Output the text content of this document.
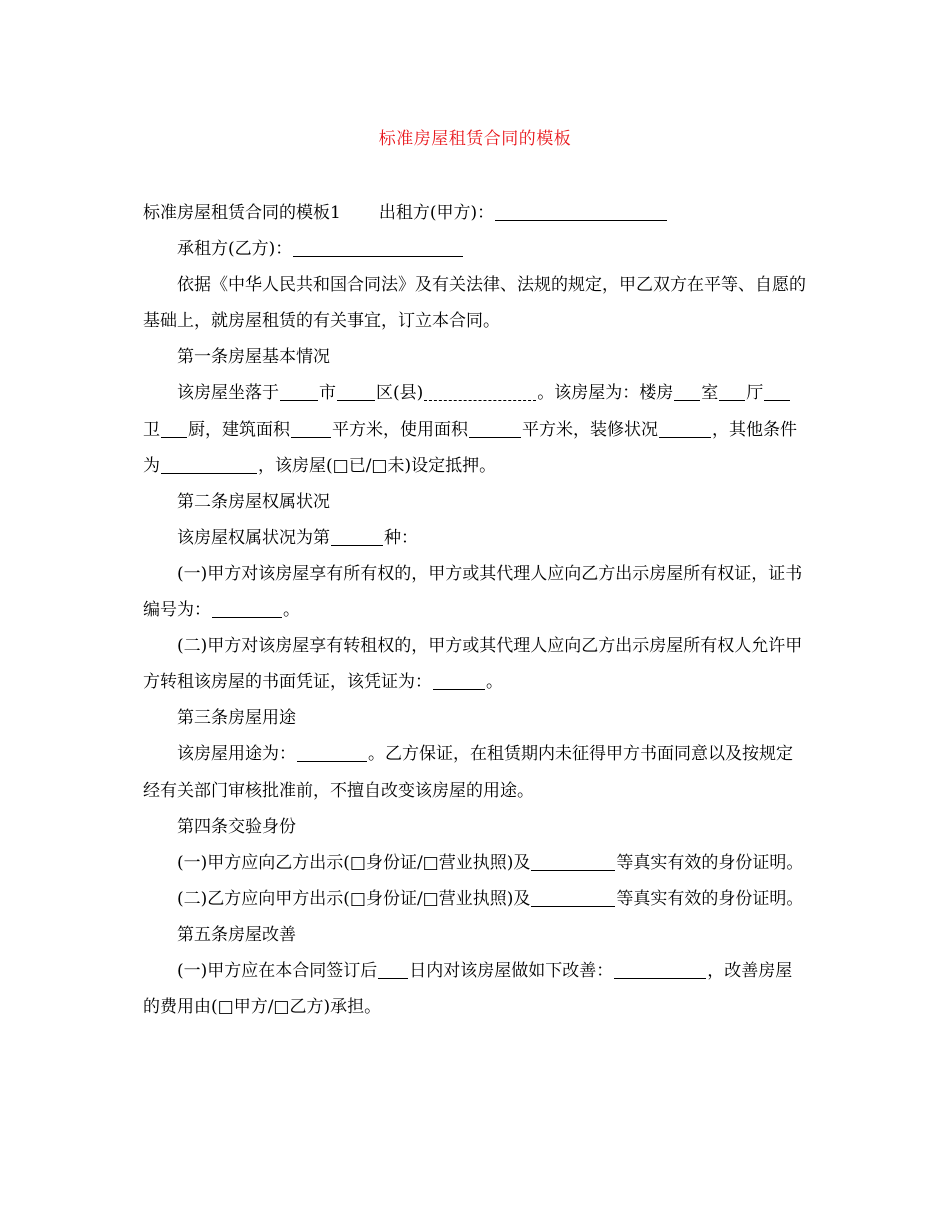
标准房屋租赁合同的模板

标准房屋租赁合同的模板1 出租方(甲方)：

承租方(乙方)：

依据《中华人民共和国合同法》及有关法律、法规的规定，甲乙双方在平等、自愿的基础上，就房屋租赁的有关事宜，订立本合同。

第一条房屋基本情况

该房屋坐落于 市 区(县)	。该房屋为：楼房 室 厅卫 厨，建筑面积 平方米，使用面积	平方米，装修状况	，其他条件为	，该房屋(□已/□未)设定抵押。

第二条房屋权属状况

该房屋权属状况为第	种：

(一)甲方对该房屋享有所有权的，甲方或其代理人应向乙方出示房屋所有权证，证书编号为：	。

(二)甲方对该房屋享有转租权的，甲方或其代理人应向乙方出示房屋所有权人允许甲方转租该房屋的书面凭证，该凭证为：	。

第三条房屋用途

该房屋用途为：	。乙方保证，在租赁期内未征得甲方书面同意以及按规定经有关部门审核批准前，不擅自改变该房屋的用途。

第四条交验身份

(一)甲方应向乙方出示(□身份证/□营业执照)及	等真实有效的身份证明。

(二)乙方应向甲方出示(□身份证/□营业执照)及	等真实有效的身份证明。

第五条房屋改善

(一)甲方应在本合同签订后 日内对该房屋做如下改善：	，改善房屋的费用由(□甲方/□乙方)承担。
